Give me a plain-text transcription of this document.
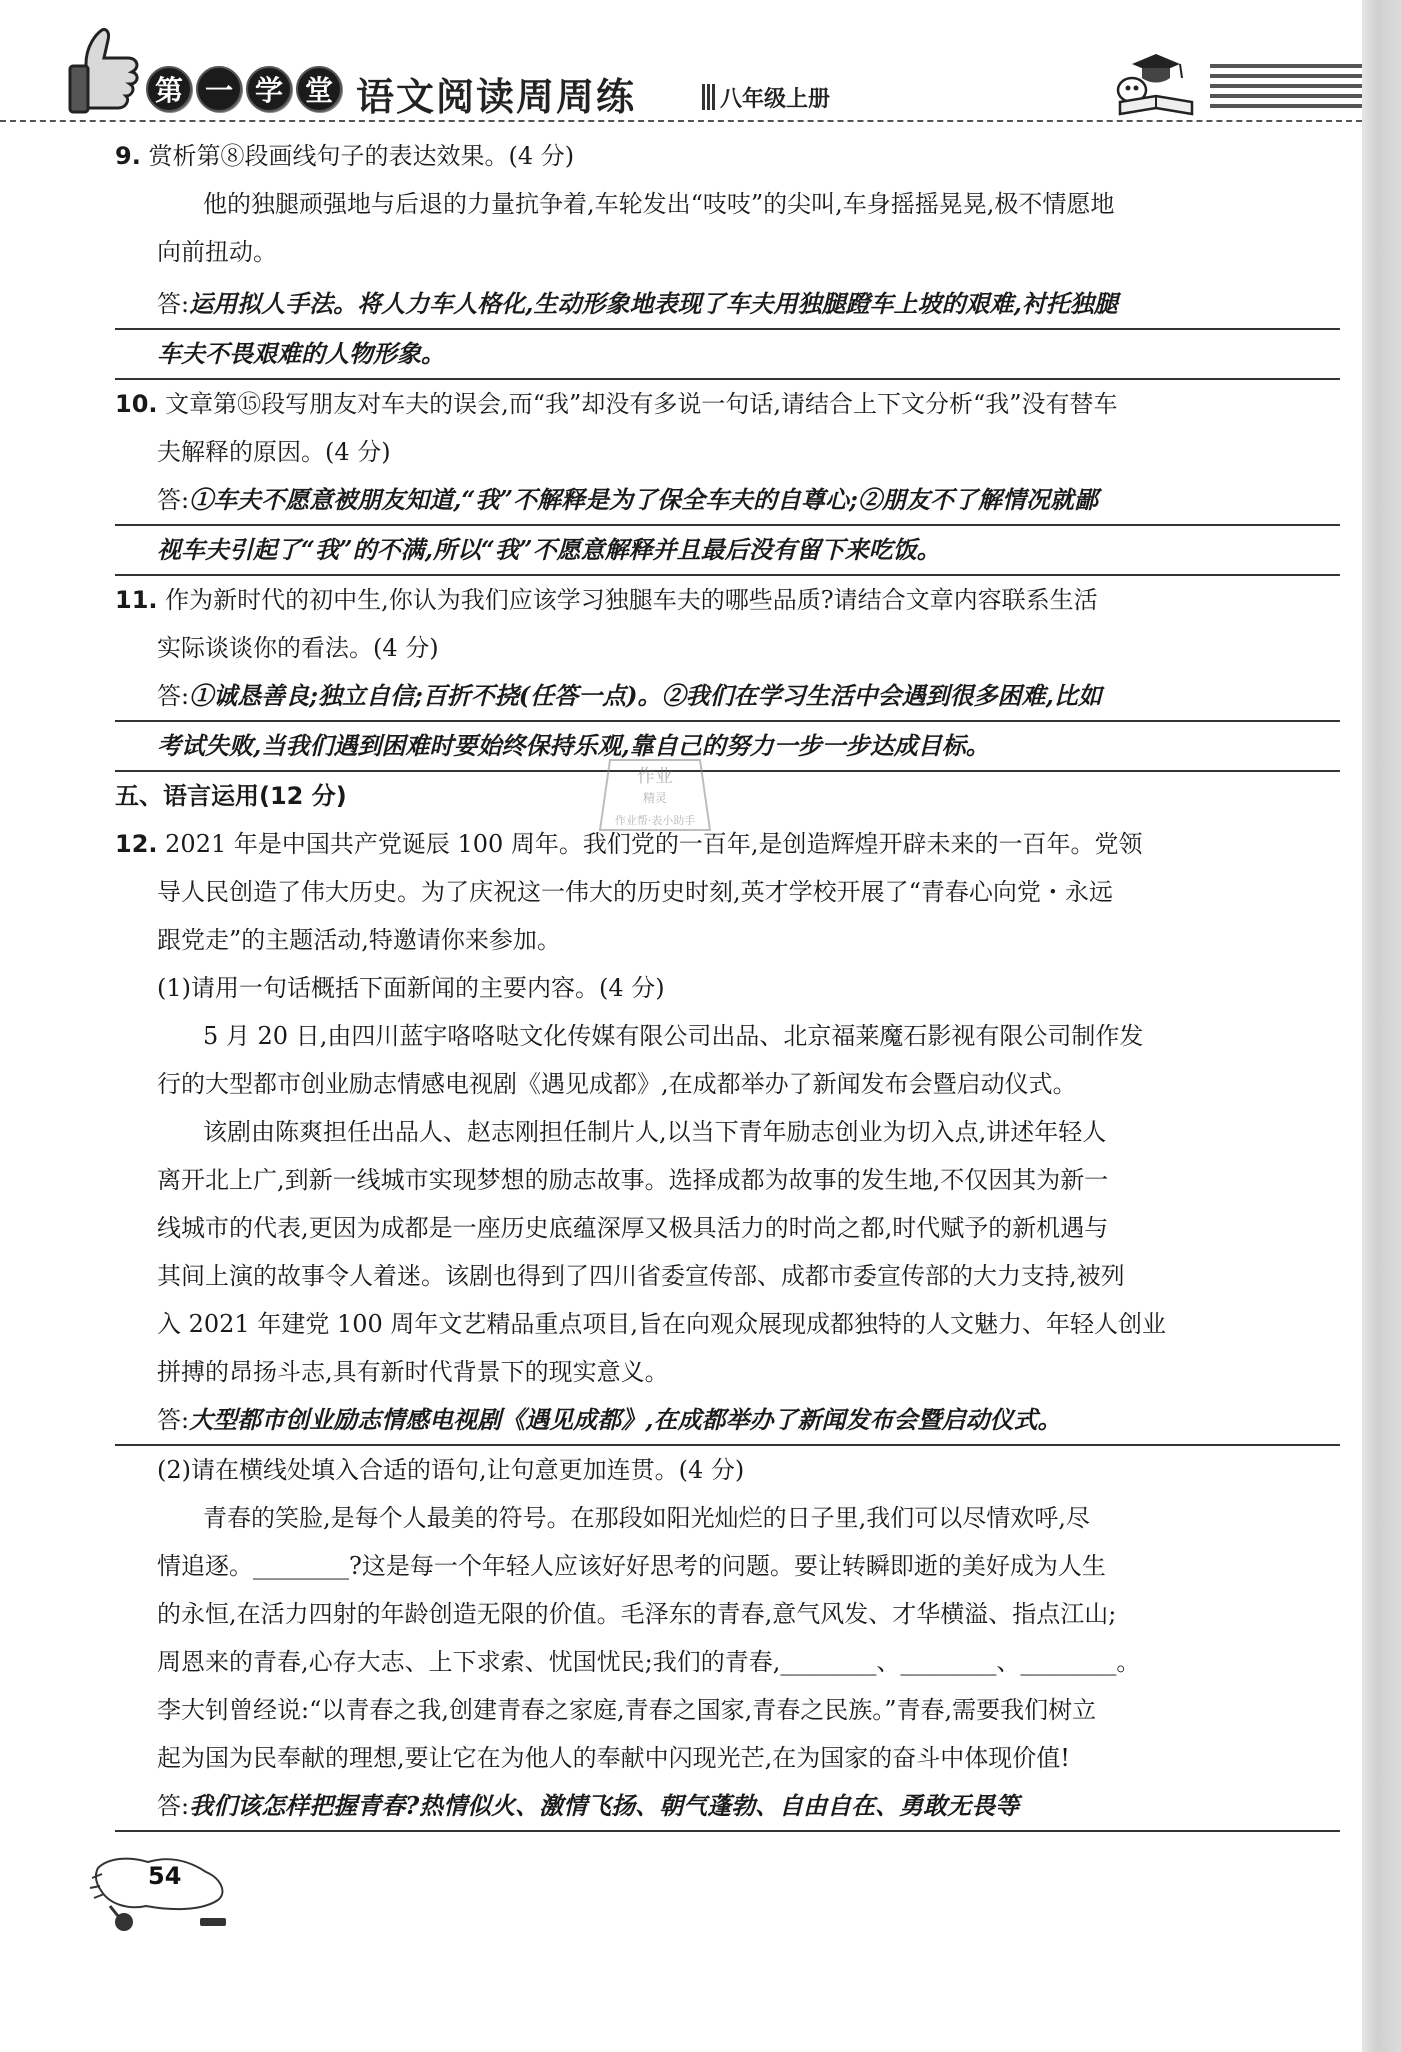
第 一 学 堂 语文阅读周周练	八年级上册
9. 赏析第⑧段画线句子的表达效果。(4 分)
他的独腿顽强地与后退的力量抗争着,车轮发出“吱吱”的尖叫,车身摇摇晃晃,极不情愿地
向前扭动。
答:运用拟人手法。将人力车人格化,生动形象地表现了车夫用独腿蹬车上坡的艰难,衬托独腿
车夫不畏艰难的人物形象。
10. 文章第⑮段写朋友对车夫的误会,而“我”却没有多说一句话,请结合上下文分析“我”没有替车
夫解释的原因。(4 分)
答:①车夫不愿意被朋友知道,“我”不解释是为了保全车夫的自尊心;②朋友不了解情况就鄙
视车夫引起了“我”的不满,所以“我”不愿意解释并且最后没有留下来吃饭。
11. 作为新时代的初中生,你认为我们应该学习独腿车夫的哪些品质?请结合文章内容联系生活
实际谈谈你的看法。(4 分)
答:①诚恳善良;独立自信;百折不挠(任答一点)。②我们在学习生活中会遇到很多困难,比如
考试失败,当我们遇到困难时要始终保持乐观,靠自己的努力一步一步达成目标。
五、语言运用(12 分)
12. 2021 年是中国共产党诞辰 100 周年。我们党的一百年,是创造辉煌开辟未来的一百年。党领
导人民创造了伟大历史。为了庆祝这一伟大的历史时刻,英才学校开展了“青春心向党・永远
跟党走”的主题活动,特邀请你来参加。
(1)请用一句话概括下面新闻的主要内容。(4 分)
5 月 20 日,由四川蓝宇咯咯哒文化传媒有限公司出品、北京福莱魔石影视有限公司制作发
行的大型都市创业励志情感电视剧《遇见成都》,在成都举办了新闻发布会暨启动仪式。
该剧由陈爽担任出品人、赵志刚担任制片人,以当下青年励志创业为切入点,讲述年轻人
离开北上广,到新一线城市实现梦想的励志故事。选择成都为故事的发生地,不仅因其为新一
线城市的代表,更因为成都是一座历史底蕴深厚又极具活力的时尚之都,时代赋予的新机遇与
其间上演的故事令人着迷。该剧也得到了四川省委宣传部、成都市委宣传部的大力支持,被列
入 2021 年建党 100 周年文艺精品重点项目,旨在向观众展现成都独特的人文魅力、年轻人创业
拼搏的昂扬斗志,具有新时代背景下的现实意义。
答:大型都市创业励志情感电视剧《遇见成都》,在成都举办了新闻发布会暨启动仪式。
(2)请在横线处填入合适的语句,让句意更加连贯。(4 分)
青春的笑脸,是每个人最美的符号。在那段如阳光灿烂的日子里,我们可以尽情欢呼,尽
情追逐。________?这是每一个年轻人应该好好思考的问题。要让转瞬即逝的美好成为人生
的永恒,在活力四射的年龄创造无限的价值。毛泽东的青春,意气风发、才华横溢、指点江山;
周恩来的青春,心存大志、上下求索、忧国忧民;我们的青春,________、________、________。
李大钊曾经说:“以青春之我,创建青春之家庭,青春之国家,青春之民族。”青春,需要我们树立
起为国为民奉献的理想,要让它在为他人的奉献中闪现光芒,在为国家的奋斗中体现价值!
答:我们该怎样把握青春?热情似火、激情飞扬、朝气蓬勃、自由自在、勇敢无畏等
作业
精灵
作业帮·表小助手
54
